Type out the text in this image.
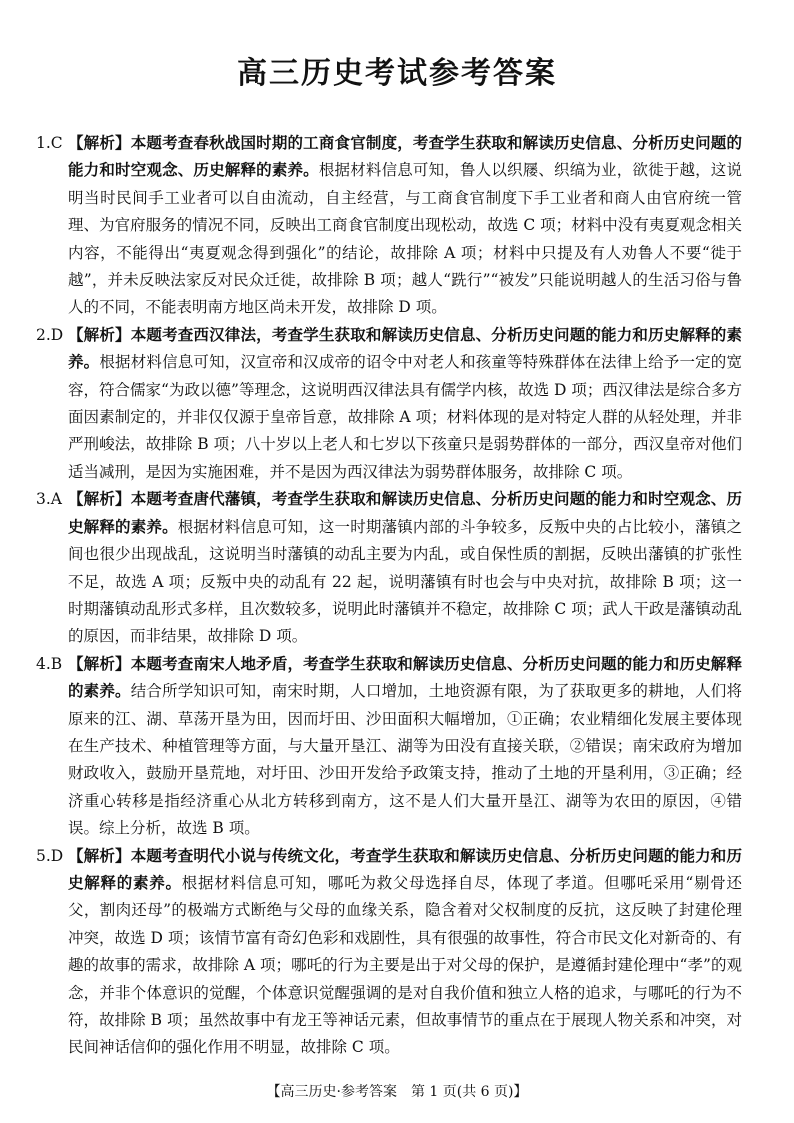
高三历史考试参考答案

1.C 【解析】本题考查春秋战国时期的工商食官制度，考查学生获取和解读历史信息、分析历史问题的能力和时空观念、历史解释的素养。根据材料信息可知，鲁人以织屦、织缟为业，欲徙于越，这说明当时民间手工业者可以自由流动，自主经营，与工商食官制度下手工业者和商人由官府统一管理、为官府服务的情况不同，反映出工商食官制度出现松动，故选 C 项；材料中没有夷夏观念相关内容，不能得出“夷夏观念得到强化”的结论，故排除 A 项；材料中只提及有人劝鲁人不要“徙于越”，并未反映法家反对民众迁徙，故排除 B 项；越人“跣行”“被发”只能说明越人的生活习俗与鲁人的不同，不能表明南方地区尚未开发，故排除 D 项。

2.D 【解析】本题考查西汉律法，考查学生获取和解读历史信息、分析历史问题的能力和历史解释的素养。根据材料信息可知，汉宣帝和汉成帝的诏令中对老人和孩童等特殊群体在法律上给予一定的宽容，符合儒家“为政以德”等理念，这说明西汉律法具有儒学内核，故选 D 项；西汉律法是综合多方面因素制定的，并非仅仅源于皇帝旨意，故排除 A 项；材料体现的是对特定人群的从轻处理，并非严刑峻法，故排除 B 项；八十岁以上老人和七岁以下孩童只是弱势群体的一部分，西汉皇帝对他们适当减刑，是因为实施困难，并不是因为西汉律法为弱势群体服务，故排除 C 项。

3.A 【解析】本题考查唐代藩镇，考查学生获取和解读历史信息、分析历史问题的能力和时空观念、历史解释的素养。根据材料信息可知，这一时期藩镇内部的斗争较多，反叛中央的占比较小，藩镇之间也很少出现战乱，这说明当时藩镇的动乱主要为内乱，或自保性质的割据，反映出藩镇的扩张性不足，故选 A 项；反叛中央的动乱有 22 起，说明藩镇有时也会与中央对抗，故排除 B 项；这一时期藩镇动乱形式多样，且次数较多，说明此时藩镇并不稳定，故排除 C 项；武人干政是藩镇动乱的原因，而非结果，故排除 D 项。

4.B 【解析】本题考查南宋人地矛盾，考查学生获取和解读历史信息、分析历史问题的能力和历史解释的素养。结合所学知识可知，南宋时期，人口增加，土地资源有限，为了获取更多的耕地，人们将原来的江、湖、草荡开垦为田，因而圩田、沙田面积大幅增加，①正确；农业精细化发展主要体现在生产技术、种植管理等方面，与大量开垦江、湖等为田没有直接关联，②错误；南宋政府为增加财政收入，鼓励开垦荒地，对圩田、沙田开发给予政策支持，推动了土地的开垦利用，③正确；经济重心转移是指经济重心从北方转移到南方，这不是人们大量开垦江、湖等为农田的原因，④错误。综上分析，故选 B 项。

5.D 【解析】本题考查明代小说与传统文化，考查学生获取和解读历史信息、分析历史问题的能力和历史解释的素养。根据材料信息可知，哪吒为救父母选择自尽，体现了孝道。但哪吒采用“剔骨还父，割肉还母”的极端方式断绝与父母的血缘关系，隐含着对父权制度的反抗，这反映了封建伦理冲突，故选 D 项；该情节富有奇幻色彩和戏剧性，具有很强的故事性，符合市民文化对新奇的、有趣的故事的需求，故排除 A 项；哪吒的行为主要是出于对父母的保护，是遵循封建伦理中“孝”的观念，并非个体意识的觉醒，个体意识觉醒强调的是对自我价值和独立人格的追求，与哪吒的行为不符，故排除 B 项；虽然故事中有龙王等神话元素，但故事情节的重点在于展现人物关系和冲突，对民间神话信仰的强化作用不明显，故排除 C 项。

【高三历史·参考答案　第 1 页(共 6 页)】
